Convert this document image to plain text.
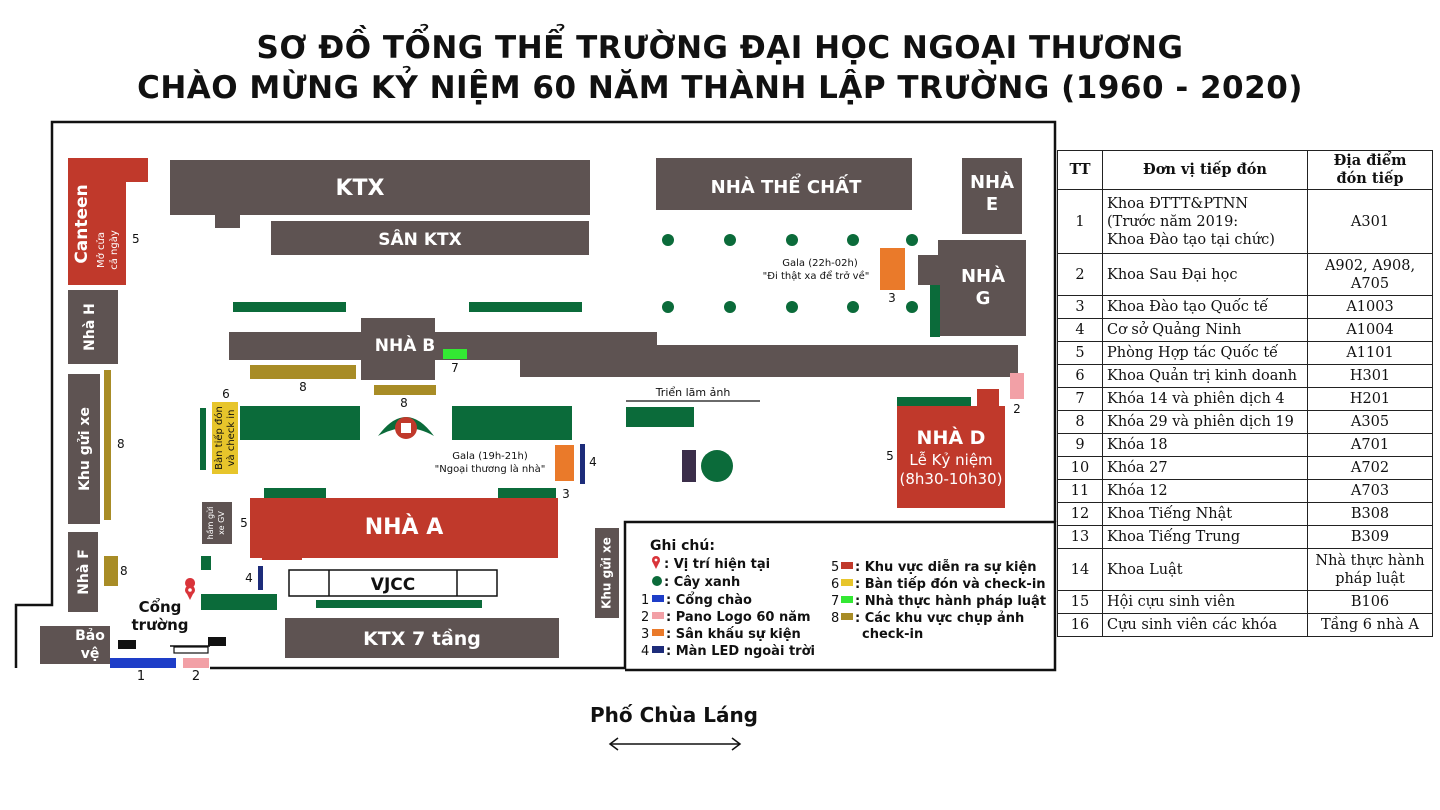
SƠ ĐỒ TỔNG THỂ TRƯỜNG ĐẠI HỌC NGOẠI THƯƠNG
CHÀO MỪNG KỶ NIỆM 60 NĂM THÀNH LẬP TRƯỜNG (1960 - 2020)
Canteen Mở cửa cả ngày 5
Nhà H
Khu gửi xe 8
Nhà F 8
Bảo
vệ
1	2
Cổng
trường
KTX
SÂN KTX
NHÀ THỂ CHẤT	NHÀ
E
NHÀ
G
Gala (22h-02h)
"Đi thật xa để trở về"
3
NHÀ B
7
8
8
6
Bàn tiếp đón và check in	Gala (19h-21h)
"Ngoại thương là nhà"
3
4
Triển lãm ảnh
NHÀ D
Lễ Kỷ niệm
(8h30-10h30)
5
2
NHÀ A
5
hầm gửi xe GV
4	VJCC
KTX 7 tầng
Khu gửi xe	Ghi chú:
: Vị trí hiện tại
: Cây xanh
1 : Cổng chào
2 : Pano Logo 60 năm
3 : Sân khấu sự kiện
4 : Màn LED ngoài trời
5 : Khu vực diễn ra sự kiện
6 : Bàn tiếp đón và check-in
7 : Nhà thực hành pháp luật
8 : Các khu vực chụp ảnh
check-in
Phố Chùa Láng
TT	Đơn vị tiếp đón	Địa điểm
đón tiếp
1	Khoa ĐTTT&PTNN
(Trước năm 2019:
Khoa Đào tạo tại chức)	A301
2	Khoa Sau Đại học	A902, A908,
A705
3	Khoa Đào tạo Quốc tế	A1003
4	Cơ sở Quảng Ninh	A1004
5	Phòng Hợp tác Quốc tế	A1101
6	Khoa Quản trị kinh doanh	H301
7	Khóa 14 và phiên dịch 4	H201
8	Khóa 29 và phiên dịch 19	A305
9	Khóa 18	A701
10	Khóa 27	A702
11	Khóa 12	A703
12	Khoa Tiếng Nhật	B308
13	Khoa Tiếng Trung	B309
14	Khoa Luật	Nhà thực hành
pháp luật
15	Hội cựu sinh viên	B106
16	Cựu sinh viên các khóa	Tầng 6 nhà A
